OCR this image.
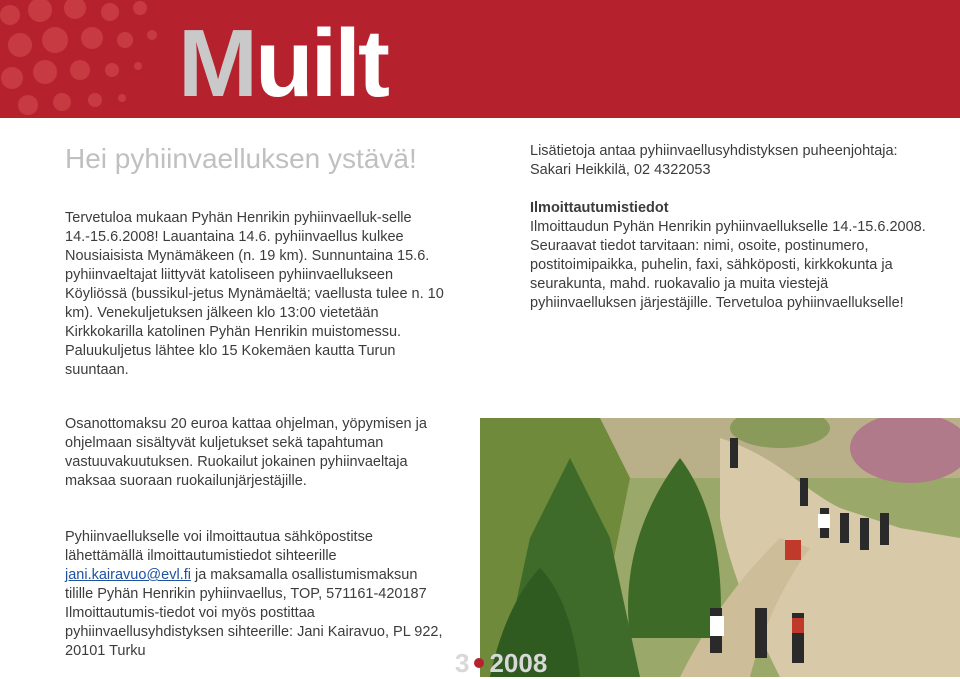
Muilt
Hei pyhiinvaelluksen ystävä!

Tervetuloa mukaan Pyhän Henrikin pyhiinvaelluk-selle 14.-15.6.2008! Lauantaina 14.6. pyhiinvaellus kulkee Nousiaisista Mynämäkeen (n. 19 km). Sunnuntaina 15.6. pyhiinvaeltajat liittyvät katoliseen pyhiinvaellukseen Köyliössä (bussikul-jetus Mynämäeltä; vaellusta tulee n. 10 km). Venekuljetuksen jälkeen klo 13:00 vietetään Kirkkokarilla katolinen Pyhän Henrikin muistomessu. Paluukuljetus lähtee klo 15 Kokemäen kautta Turun suuntaan.

Osanottomaksu 20 euroa kattaa ohjelman, yöpymisen ja ohjelmaan sisältyvät kuljetukset sekä tapahtuman vastuuvakuutuksen. Ruokailut jokainen pyhiinvaeltaja maksaa suoraan ruokailunjärjestäjille.

Pyhiinvaellukselle voi ilmoittautua sähköpostitse lähettämällä ilmoittautumistiedot sihteerille
jani.kairavuo@evl.fi ja maksamalla osallistumismaksun tilille Pyhän Henrikin pyhiinvaellus, TOP, 571161-420187 Ilmoittautumis-tiedot voi myös postittaa pyhiinvaellusyhdistyksen sihteerille: Jani Kairavuo, PL 922, 20101 Turku

Lisätietoja antaa pyhiinvaellusyhdistyksen puheenjohtaja: Sakari Heikkilä, 02 4322053

Ilmoittautumistiedot

Ilmoittaudun Pyhän Henrikin pyhiinvaellukselle 14.-15.6.2008. Seuraavat tiedot tarvitaan: nimi, osoite, postinumero, postitoimipaikka, puhelin, faxi, sähköposti, kirkkokunta ja seurakunta, mahd. ruokavalio ja muita viestejä pyhiinvaelluksen järjestäjille. Tervetuloa pyhiinvaellukselle!

3 2008
